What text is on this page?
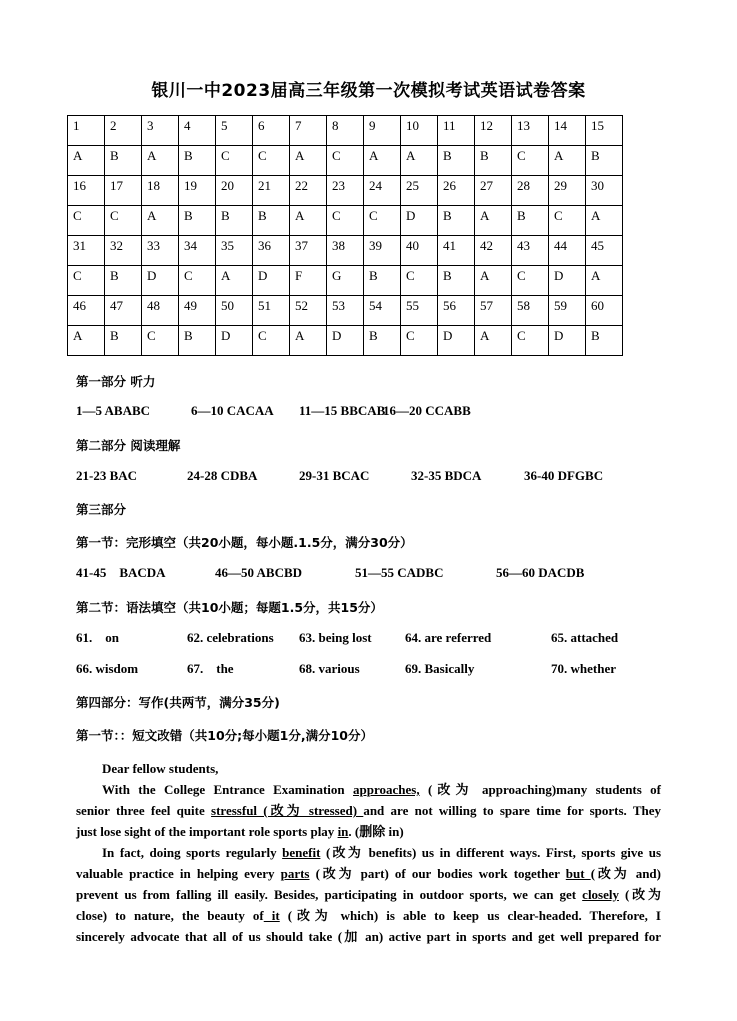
银川一中2023届高三年级第一次模拟考试英语试卷答案
1	2	3	4	5	6	7	8	9	10	11	12	13	14	15
A	B	A	B	C	C	A	C	A	A	B	B	C	A	B
16	17	18	19	20	21	22	23	24	25	26	27	28	29	30
C	C	A	B	B	B	A	C	C	D	B	A	B	C	A
31	32	33	34	35	36	37	38	39	40	41	42	43	44	45
C	B	D	C	A	D	F	G	B	C	B	A	C	D	A
46	47	48	49	50	51	52	53	54	55	56	57	58	59	60
A	B	C	B	D	C	A	D	B	C	D	A	C	D	B
第一部分 听力
1—5 ABABC	6—10 CACAA 11—15 BBCAB
16—20 CCABB
第二部分 阅读理解
21-23 BAC	24-28 CDBA	29-31 BCAC	32-35 BDCA	36-40 DFGBC
第三部分
第一节：完形填空（共20小题，每小题.1.5分，满分30分）
41-45    BACDA	46—50 ABCBD	51—55 CADBC	56—60 DACDB
第二节：语法填空（共10小题；每题1.5分，共15分）
61.    on	62. celebrations 63. being lost	64. are referred	65. attached
66. wisdom	67.    the	68. various	69. Basically	70. whether
第四部分：写作(共两节，满分35分)
第一节：：短文改错（共10分;每小题1分,满分10分）
Dear fellow students,
With the College Entrance Examination approaches, (改为 approaching)many students of
senior three feel quite stressful (改为 stressed) and are not willing to spare time for sports. They
just lose sight of the important role sports play in. (删除 in)
In fact, doing sports regularly benefit (改为 benefits) us in different ways. First, sports give us
valuable practice in helping every parts (改为 part) of our bodies work together but (改为 and)
prevent us from falling ill easily. Besides, participating in outdoor sports, we can get closely (改为
close) to nature, the beauty of it (改为 which) is able to keep us clear-headed. Therefore, I
sincerely advocate that all of us should take (加 an) active part in sports and get well prepared for
